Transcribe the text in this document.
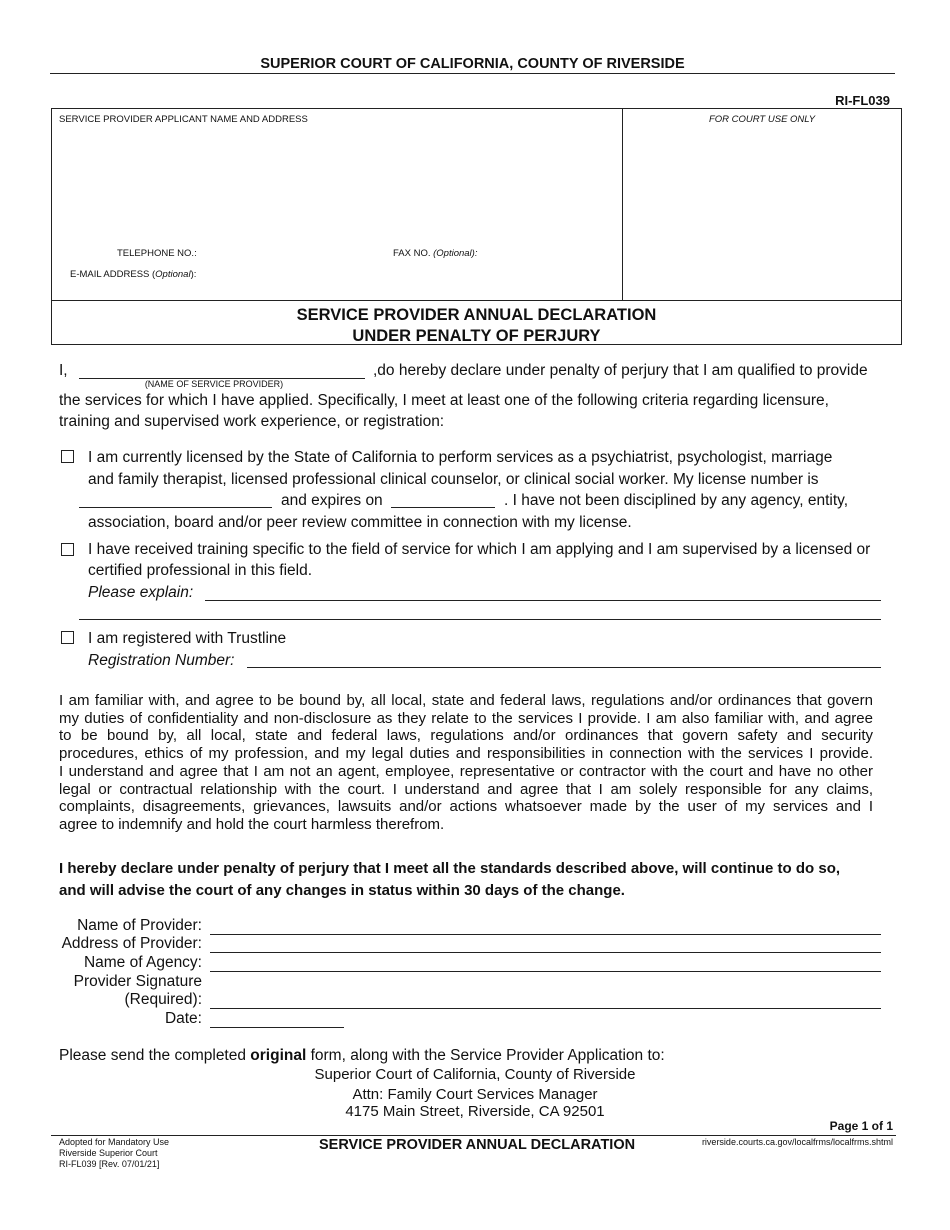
SUPERIOR COURT OF CALIFORNIA, COUNTY OF RIVERSIDE
RI-FL039
SERVICE PROVIDER APPLICANT NAME AND ADDRESS	FOR COURT USE ONLY
TELEPHONE NO.:	FAX NO. (Optional):
E-MAIL ADDRESS (Optional):
SERVICE PROVIDER ANNUAL DECLARATION
UNDER PENALTY OF PERJURY
I,
(NAME OF SERVICE PROVIDER)
,do hereby declare under penalty of perjury that I am qualified to provide
the services for which I have applied. Specifically, I meet at least one of the following criteria regarding licensure,
training and supervised work experience, or registration:
I am currently licensed by the State of California to perform services as a psychiatrist, psychologist, marriage
and family therapist, licensed professional clinical counselor, or clinical social worker. My license number is
and expires on	. I have not been disciplined by any agency, entity,
association, board and/or peer review committee in connection with my license.
I have received training specific to the field of service for which I am applying and I am supervised by a licensed or
certified professional in this field.
Please explain:
I am registered with Trustline
Registration Number:
I am familiar with, and agree to be bound by, all local, state and federal laws, regulations and/or ordinances that govern
my duties of confidentiality and non-disclosure as they relate to the services I provide. I am also familiar with, and agree
to be bound by, all local, state and federal laws, regulations and/or ordinances that govern safety and security
procedures, ethics of my profession, and my legal duties and responsibilities in connection with the services I provide.
I understand and agree that I am not an agent, employee, representative or contractor with the court and have no other
legal or contractual relationship with the court. I understand and agree that I am solely responsible for any claims,
complaints, disagreements, grievances, lawsuits and/or actions whatsoever made by the user of my services and I
agree to indemnify and hold the court harmless therefrom.
I hereby declare under penalty of perjury that I meet all the standards described above, will continue to do so,
and will advise the court of any changes in status within 30 days of the change.
Name of Provider:
Address of Provider:
Name of Agency:
Provider Signature
(Required):
Date:
Please send the completed original form, along with the Service Provider Application to:
Superior Court of California, County of Riverside
Attn: Family Court Services Manager
4175 Main Street, Riverside, CA 92501
Page 1 of 1
Adopted for Mandatory Use
Riverside Superior Court
RI-FL039 [Rev. 07/01/21]
SERVICE PROVIDER ANNUAL DECLARATION	riverside.courts.ca.gov/localfrms/localfrms.shtml
